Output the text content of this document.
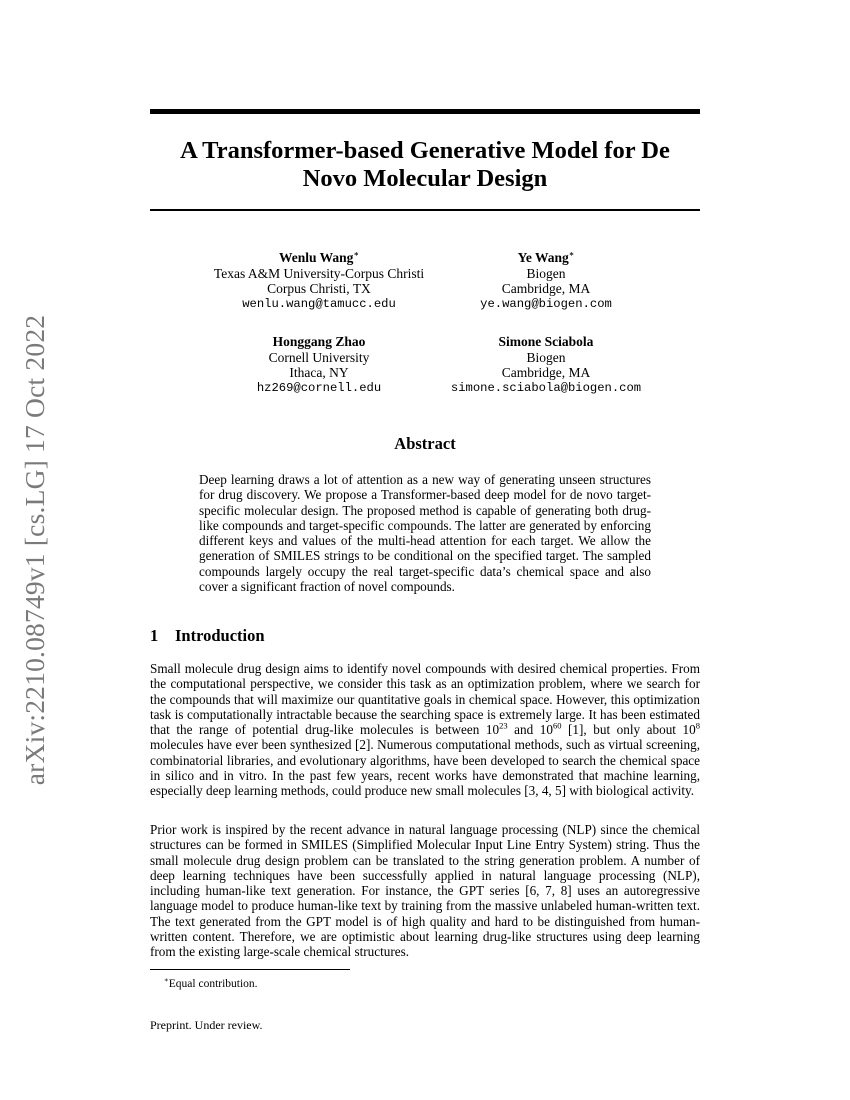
arXiv:2210.08749v1 [cs.LG] 17 Oct 2022
A Transformer-based Generative Model for De Novo Molecular Design
Wenlu Wang∗
Texas A&M University-Corpus Christi
Corpus Christi, TX
wenlu.wang@tamucc.edu
Ye Wang∗
Biogen
Cambridge, MA
ye.wang@biogen.com
Honggang Zhao
Cornell University
Ithaca, NY
hz269@cornell.edu
Simone Sciabola
Biogen
Cambridge, MA
simone.sciabola@biogen.com
Abstract

Deep learning draws a lot of attention as a new way of generating unseen structures for drug discovery. We propose a Transformer-based deep model for de novo target-specific molecular design. The proposed method is capable of generating both drug-like compounds and target-specific compounds. The latter are generated by enforcing different keys and values of the multi-head attention for each target. We allow the generation of SMILES strings to be conditional on the specified target. The sampled compounds largely occupy the real target-specific data’s chemical space and also cover a significant fraction of novel compounds.

1 Introduction

Small molecule drug design aims to identify novel compounds with desired chemical properties. From the computational perspective, we consider this task as an optimization problem, where we search for the compounds that will maximize our quantitative goals in chemical space. However, this optimization task is computationally intractable because the searching space is extremely large. It has been estimated that the range of potential drug-like molecules is between $10^{23}$ and $10^{60}$ [1], but only about $10^8$ molecules have ever been synthesized [2]. Numerous computational methods, such as virtual screening, combinatorial libraries, and evolutionary algorithms, have been developed to search the chemical space in silico and in vitro. In the past few years, recent works have demonstrated that machine learning, especially deep learning methods, could produce new small molecules [3, 4, 5] with biological activity.

Prior work is inspired by the recent advance in natural language processing (NLP) since the chemical structures can be formed in SMILES (Simplified Molecular Input Line Entry System) string. Thus the small molecule drug design problem can be translated to the string generation problem. A number of deep learning techniques have been successfully applied in natural language processing (NLP), including human-like text generation. For instance, the GPT series [6, 7, 8] uses an autoregressive language model to produce human-like text by training from the massive unlabeled human-written text. The text generated from the GPT model is of high quality and hard to be distinguished from human-written content. Therefore, we are optimistic about learning drug-like structures using deep learning from the existing large-scale chemical structures.

∗Equal contribution.

Preprint. Under review.
